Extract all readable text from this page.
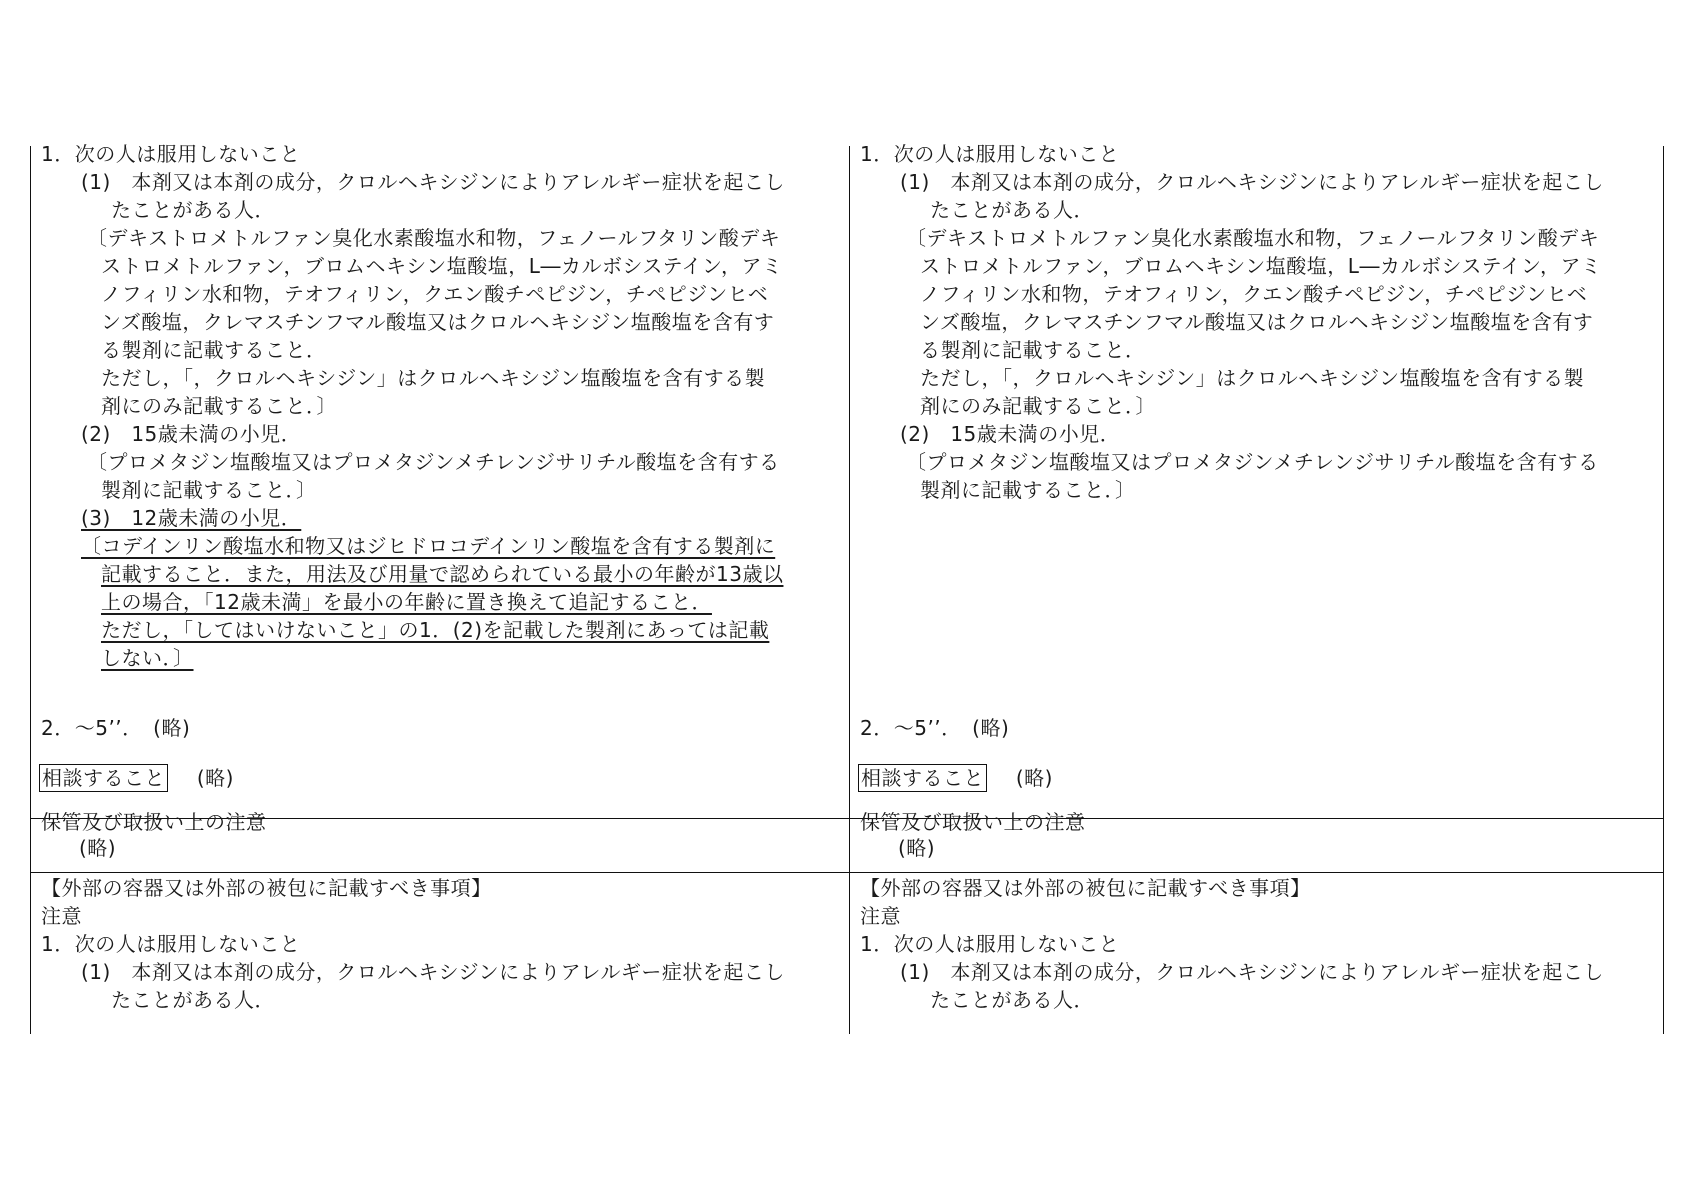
1．次の人は服用しないこと
(1)　本剤又は本剤の成分，クロルヘキシジンによりアレルギー症状を起こし
たことがある人．
〔デキストロメトルファン臭化水素酸塩水和物，フェノールフタリン酸デキ
ストロメトルファン，ブロムヘキシン塩酸塩，L―カルボシステイン，アミ
ノフィリン水和物，テオフィリン，クエン酸チペピジン，チペピジンヒベ
ンズ酸塩，クレマスチンフマル酸塩又はクロルヘキシジン塩酸塩を含有す
る製剤に記載すること．
ただし，「，クロルヘキシジン」はクロルヘキシジン塩酸塩を含有する製
剤にのみ記載すること．〕
(2)　15歳未満の小児．
〔プロメタジン塩酸塩又はプロメタジンメチレンジサリチル酸塩を含有する
製剤に記載すること．〕
(3)　12歳未満の小児．
〔コデインリン酸塩水和物又はジヒドロコデインリン酸塩を含有する製剤に
記載すること．また，用法及び用量で認められている最小の年齢が13歳以
上の場合，「12歳未満」を最小の年齢に置き換えて追記すること．
ただし，「してはいけないこと」の1．(2)を記載した製剤にあっては記載
しない．〕
2．～5’’．　(略)
相談すること (略)
保管及び取扱い上の注意
(略)
【外部の容器又は外部の被包に記載すべき事項】
注意
1．次の人は服用しないこと
(1)　本剤又は本剤の成分，クロルヘキシジンによりアレルギー症状を起こし
たことがある人．
1．次の人は服用しないこと
(1)　本剤又は本剤の成分，クロルヘキシジンによりアレルギー症状を起こし
たことがある人．
〔デキストロメトルファン臭化水素酸塩水和物，フェノールフタリン酸デキ
ストロメトルファン，ブロムヘキシン塩酸塩，L―カルボシステイン，アミ
ノフィリン水和物，テオフィリン，クエン酸チペピジン，チペピジンヒベ
ンズ酸塩，クレマスチンフマル酸塩又はクロルヘキシジン塩酸塩を含有す
る製剤に記載すること．
ただし，「，クロルヘキシジン」はクロルヘキシジン塩酸塩を含有する製
剤にのみ記載すること．〕
(2)　15歳未満の小児．
〔プロメタジン塩酸塩又はプロメタジンメチレンジサリチル酸塩を含有する
製剤に記載すること．〕
2．～5’’．　(略)
相談すること (略)
保管及び取扱い上の注意
(略)
【外部の容器又は外部の被包に記載すべき事項】
注意
1．次の人は服用しないこと
(1)　本剤又は本剤の成分，クロルヘキシジンによりアレルギー症状を起こし
たことがある人．
